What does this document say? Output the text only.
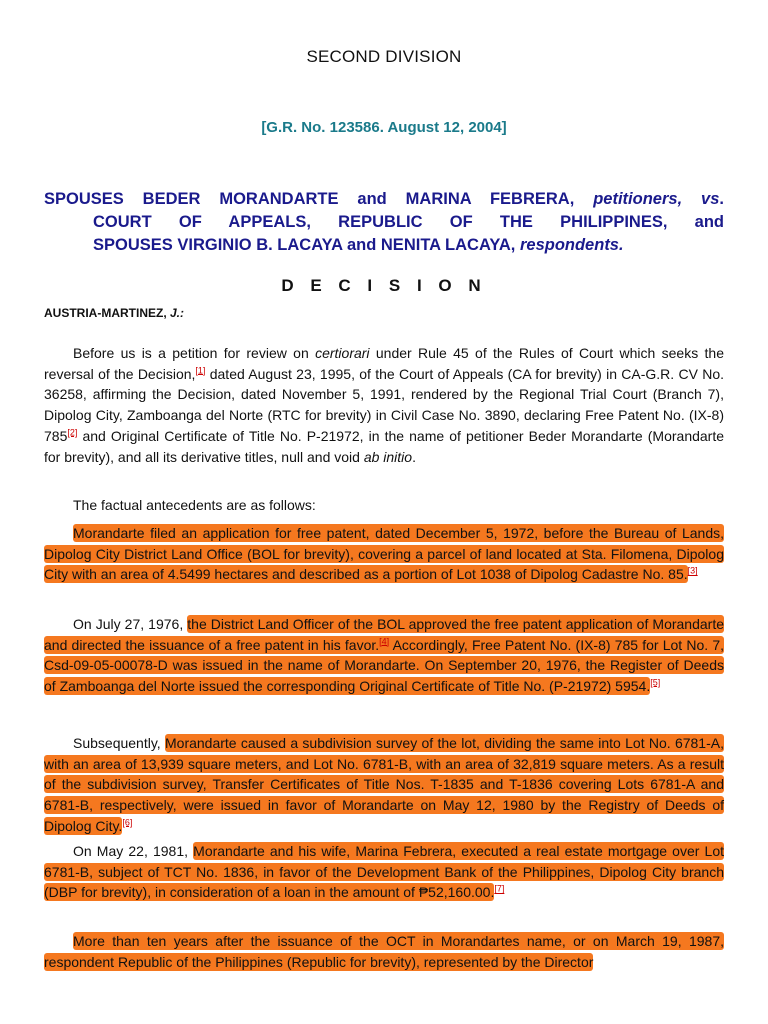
SECOND DIVISION
[G.R. No. 123586. August 12, 2004]
SPOUSES BEDER MORANDARTE and MARINA FEBRERA, petitioners, vs.
COURT OF APPEALS, REPUBLIC OF THE PHILIPPINES, and
SPOUSES VIRGINIO B. LACAYA and NENITA LACAYA, respondents.
D E C I S I O N
AUSTRIA-MARTINEZ, J.:
Before us is a petition for review on certiorari under Rule 45 of the Rules of Court which seeks the reversal of the Decision,[1] dated August 23, 1995, of the Court of Appeals (CA for brevity) in CA-G.R. CV No. 36258, affirming the Decision, dated November 5, 1991, rendered by the Regional Trial Court (Branch 7), Dipolog City, Zamboanga del Norte (RTC for brevity) in Civil Case No. 3890, declaring Free Patent No. (IX-8) 785[2] and Original Certificate of Title No. P-21972, in the name of petitioner Beder Morandarte (Morandarte for brevity), and all its derivative titles, null and void ab initio.
The factual antecedents are as follows:
Morandarte filed an application for free patent, dated December 5, 1972, before the Bureau of Lands, Dipolog City District Land Office (BOL for brevity), covering a parcel of land located at Sta. Filomena, Dipolog City with an area of 4.5499 hectares and described as a portion of Lot 1038 of Dipolog Cadastre No. 85.[3]
On July 27, 1976, the District Land Officer of the BOL approved the free patent application of Morandarte and directed the issuance of a free patent in his favor.[4] Accordingly, Free Patent No. (IX-8) 785 for Lot No. 7, Csd-09-05-00078-D was issued in the name of Morandarte. On September 20, 1976, the Register of Deeds of Zamboanga del Norte issued the corresponding Original Certificate of Title No. (P-21972) 5954.[5]
Subsequently, Morandarte caused a subdivision survey of the lot, dividing the same into Lot No. 6781-A, with an area of 13,939 square meters, and Lot No. 6781-B, with an area of 32,819 square meters. As a result of the subdivision survey, Transfer Certificates of Title Nos. T-1835 and T-1836 covering Lots 6781-A and 6781-B, respectively, were issued in favor of Morandarte on May 12, 1980 by the Registry of Deeds of Dipolog City.[6]
On May 22, 1981, Morandarte and his wife, Marina Febrera, executed a real estate mortgage over Lot 6781-B, subject of TCT No. 1836, in favor of the Development Bank of the Philippines, Dipolog City branch (DBP for brevity), in consideration of a loan in the amount of ₱52,160.00.[7]
More than ten years after the issuance of the OCT in Morandartes name, or on March 19, 1987, respondent Republic of the Philippines (Republic for brevity), represented by the Director
